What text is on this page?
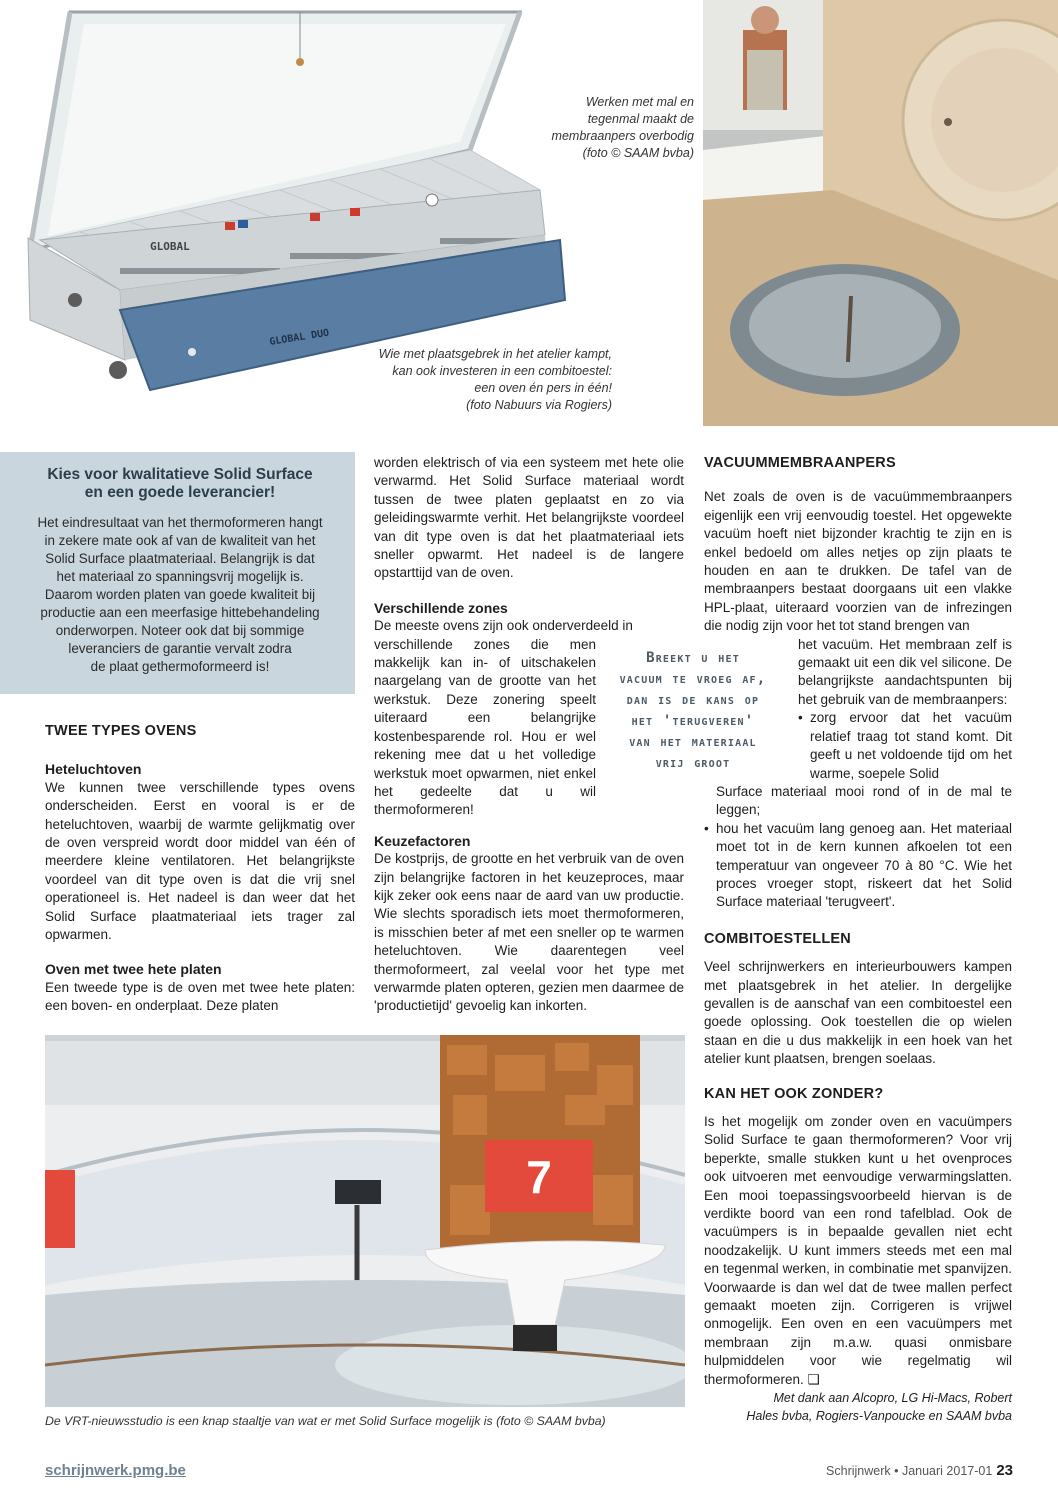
GLOBAL
GLOBAL DUO
Wie met plaatsgebrek in het atelier kampt,
kan ook investeren in een combitoestel:
een oven én pers in één!
(foto Nabuurs via Rogiers)
Werken met mal en
tegenmal maakt de
membraanpers overbodig
(foto © SAAM bvba)
Kies voor kwalitatieve Solid Surface
en een goede leverancier!
Het eindresultaat van het thermoformeren hangt
in zekere mate ook af van de kwaliteit van het
Solid Surface plaatmateriaal. Belangrijk is dat
het materiaal zo spanningsvrij mogelijk is.
Daarom worden platen van goede kwaliteit bij
productie aan een meerfasige hittebehandeling
onderworpen. Noteer ook dat bij sommige
leveranciers de garantie vervalt zodra
de plaat gethermoformeerd is!

TWEE TYPES OVENS

Heteluchtoven

We kunnen twee verschillende types ovens onderscheiden. Eerst en vooral is er de heteluchtoven, waarbij de warmte gelijkmatig over de oven verspreid wordt door middel van één of meerdere kleine ventilatoren. Het belangrijkste voordeel van dit type oven is dat die vrij snel operationeel is. Het nadeel is dan weer dat het Solid Surface plaatmateriaal iets trager zal opwarmen.

Oven met twee hete platen

Een tweede type is de oven met twee hete platen: een boven- en onderplaat. Deze platen

worden elektrisch of via een systeem met hete olie verwarmd. Het Solid Surface materiaal wordt tussen de twee platen geplaatst en zo via geleidingswarmte verhit. Het belangrijkste voordeel van dit type oven is dat het plaatmateriaal iets sneller opwarmt. Het nadeel is de langere opstarttijd van de oven.

Verschillende zones

De meeste ovens zijn ook onderverdeeld in

verschillende zones die men makkelijk kan in- of uitschakelen naargelang van de grootte van het werkstuk. Deze zonering speelt uiteraard een belangrijke kostenbesparende rol. Hou er wel rekening mee dat u het volledige werkstuk moet opwarmen, niet enkel het gedeelte dat u wil thermoformeren!

Keuzefactoren

De kostprijs, de grootte en het verbruik van de oven zijn belangrijke factoren in het keuzeproces, maar kijk zeker ook eens naar de aard van uw productie. Wie slechts sporadisch iets moet thermoformeren, is misschien beter af met een sneller op te warmen heteluchtoven. Wie daarentegen veel thermoformeert, zal veelal voor het type met verwarmde platen opteren, gezien men daarmee de 'productietijd' gevoelig kan inkorten.

Breekt u het
vacuum te vroeg af,
dan is de kans op
het 'terugveren'
van het materiaal
vrij groot

VACUUMMEMBRAANPERS

Net zoals de oven is de vacuümmembraanpers eigenlijk een vrij eenvoudig toestel. Het opgewekte vacuüm hoeft niet bijzonder krachtig te zijn en is enkel bedoeld om alles netjes op zijn plaats te houden en aan te drukken. De tafel van de membraanpers bestaat doorgaans uit een vlakke HPL-plaat, uiteraard voorzien van de infrezingen die nodig zijn voor het tot stand brengen van

het vacuüm. Het membraan zelf is gemaakt uit een dik vel silicone. De belangrijkste aandachtspunten bij het gebruik van de membraanpers:

• zorg ervoor dat het vacuüm relatief traag tot stand komt. Dit geeft u net voldoende tijd om het warme, soepele Solid

Surface materiaal mooi rond of in de mal te leggen;

• hou het vacuüm lang genoeg aan. Het materiaal moet tot in de kern kunnen afkoelen tot een temperatuur van ongeveer 70 à 80 °C. Wie het proces vroeger stopt, riskeert dat het Solid Surface materiaal 'terugveert'.

COMBITOESTELLEN

Veel schrijnwerkers en interieurbouwers kampen met plaatsgebrek in het atelier. In dergelijke gevallen is de aanschaf van een combitoestel een goede oplossing. Ook toestellen die op wielen staan en die u dus makkelijk in een hoek van het atelier kunt plaatsen, brengen soelaas.

KAN HET OOK ZONDER?

Is het mogelijk om zonder oven en vacuümpers Solid Surface te gaan thermoformeren? Voor vrij beperkte, smalle stukken kunt u het ovenproces ook uitvoeren met eenvoudige verwarmingslatten. Een mooi toepassingsvoorbeeld hiervan is de verdikte boord van een rond tafelblad. Ook de vacuümpers is in bepaalde gevallen niet echt noodzakelijk. U kunt immers steeds met een mal en tegenmal werken, in combinatie met spanvijzen. Voorwaarde is dan wel dat de twee mallen perfect gemaakt moeten zijn. Corrigeren is vrijwel onmogelijk. Een oven en een vacuümpers met membraan zijn m.a.w. quasi onmisbare hulpmiddelen voor wie regelmatig wil thermoformeren. ❑

Met dank aan Alcopro, LG Hi-Macs, Robert
Hales bvba, Rogiers-Vanpoucke en SAAM bvba
7
De VRT-nieuwsstudio is een knap staaltje van wat er met Solid Surface mogelijk is (foto © SAAM bvba)
schrijnwerk.pmg.be	Schrijnwerk • Januari 2017-01 23
